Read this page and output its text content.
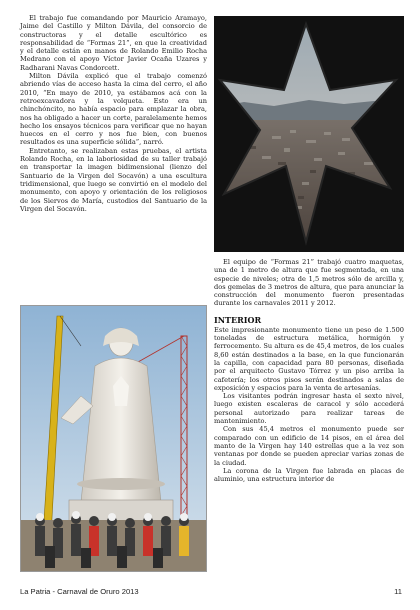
El trabajo fue comandando por Mauricio Aramayo, Jaime del Castillo y Milton Dávila, del consorcio de constructoras y el detalle escultórico es responsabilidad de “Formas 21”, en que la creatividad y el detalle están en manos de Rolando Emilio Rocha Medrano con el apoyo Víctor Javier Ocaña Uzares y Radharani Navas Condorcett.

Milton Dávila explicó que el trabajo comenzó abriendo vías de acceso hasta la cima del cerro, el año 2010, “En mayo de 2010, ya estábamos acá con la retroexcavadora y la volqueta. Esto era un chinchóncito, no había espacio para emplazar la obra, nos ha obligado a hacer un corte, paralelamente hemos hecho los ensayos técnicos para verificar que no hayan huecos en el cerro y nos fue bien, con buenos resultados es una superficie sólida”, narró.

Entretanto, se realizaban estas pruebas, el artista Rolando Rocha, en la laboriosidad de su taller trabajó en transportar la imagen bidimensional (lienzo del Santuario de la Virgen del Socavón) a una escultura tridimensional, que luego se convirtió en el modelo del monumento, con apoyo y orientación de los religiosos de los Siervos de María, custodios del Santuario de la Virgen del Socavón.

El equipo de “Formas 21” trabajó cuatro maquetas, una de 1 metro de altura que fue segmentada, en una especie de niveles; otra de 1,5 metros sólo de arcilla y, dos gemelas de 3 metros de altura, que para anunciar la construcción del monumento fueron presentadas durante los carnavales 2011 y 2012.

INTERIOR

Este impresionante monumento tiene un peso de 1.500 toneladas de estructura metálica, hormigón y ferrocemento. Su altura es de 45,4 metros, de los cuales 8,60 están destinados a la base, en la que funcionarán la capilla, con capacidad para 80 personas, diseñada por el arquitecto Gustavo Tórrez y un piso arriba la cafetería; los otros pisos serán destinados a salas de exposición y espacios para la venta de artesanías.

Los visitantes podrán ingresar hasta el sexto nivel, luego existen escaleras de caracol y sólo accederá personal autorizado para realizar tareas de mantenimiento.

Con sus 45,4 metros el monumento puede ser comparado con un edificio de 14 pisos, en el área del manto de la Virgen hay 140 estrellas que a la vez son ventanas por donde se pueden apreciar varias zonas de la ciudad.

La corona de la Virgen fue labrada en placas de aluminio, una estructura interior de

La Patria - Carnaval de Oruro 2013	11
